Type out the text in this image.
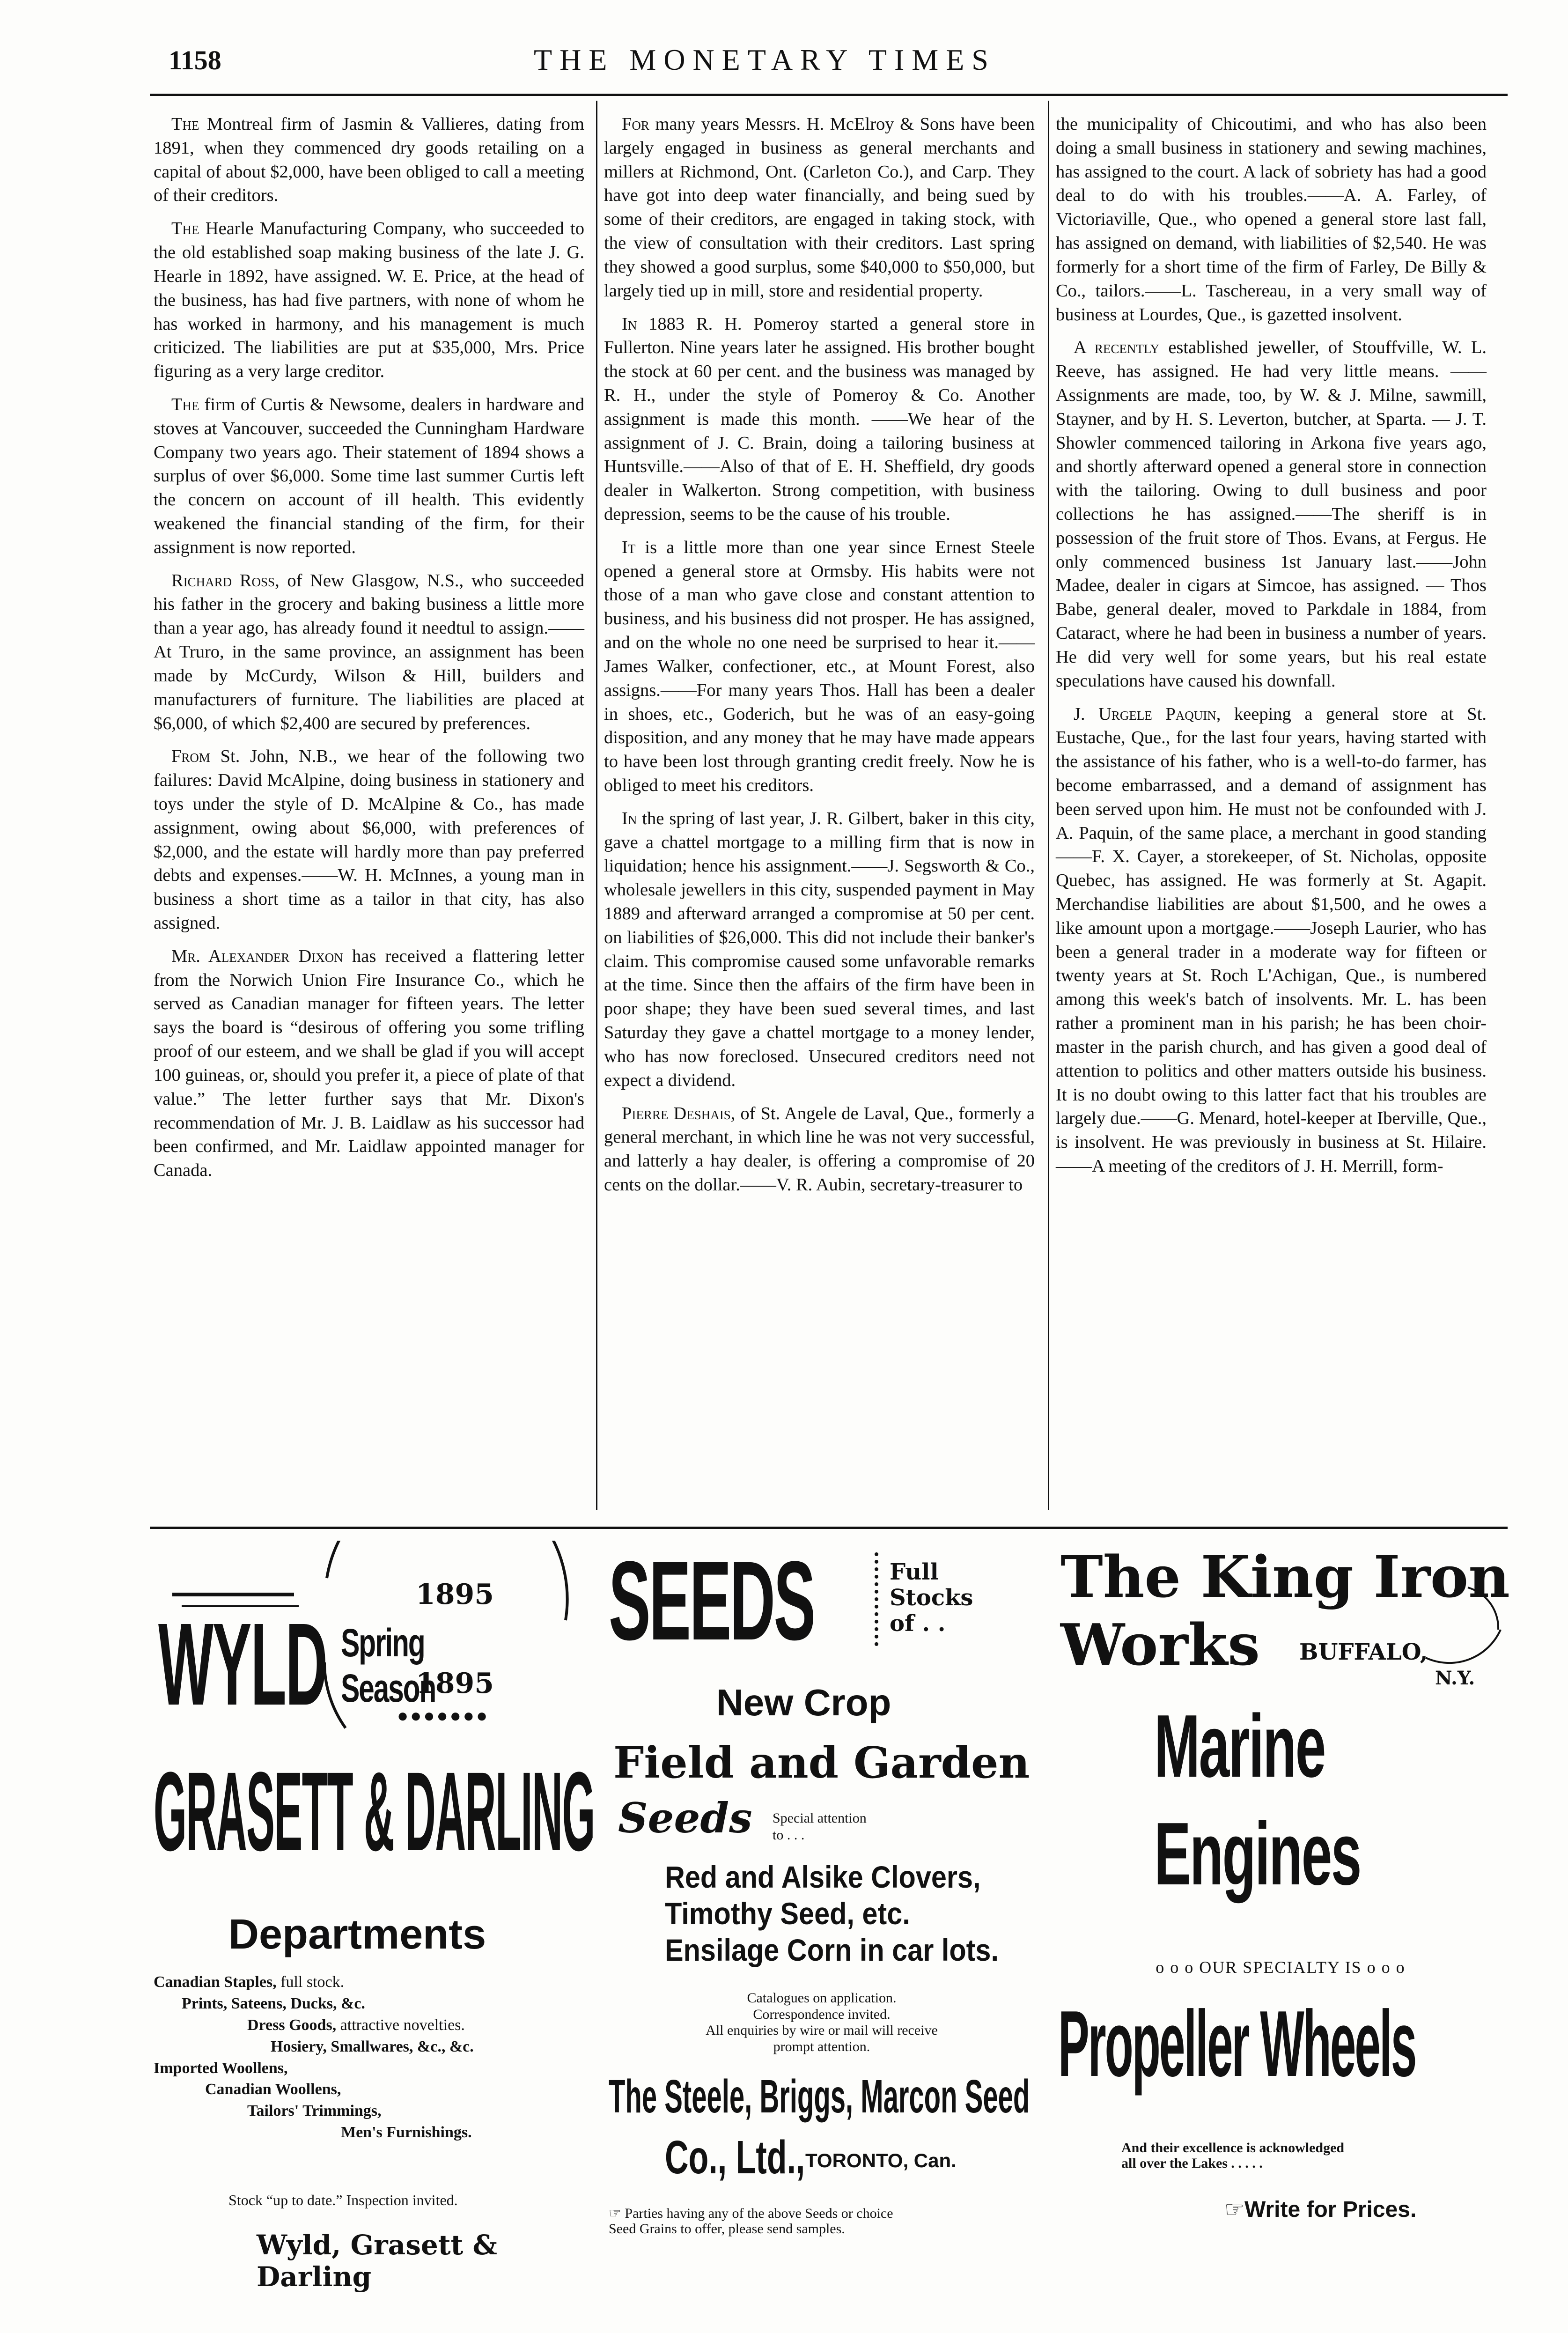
1158	THE MONETARY TIMES

The Montreal firm of Jasmin & Vallieres, dating from 1891, when they commenced dry goods retailing on a capital of about $2,000, have been obliged to call a meeting of their creditors.

The Hearle Manufacturing Company, who succeeded to the old established soap making business of the late J. G. Hearle in 1892, have assigned. W. E. Price, at the head of the business, has had five partners, with none of whom he has worked in harmony, and his management is much criticized. The liabilities are put at $35,000, Mrs. Price figuring as a very large creditor.

The firm of Curtis & Newsome, dealers in hardware and stoves at Vancouver, succeeded the Cunningham Hardware Company two years ago. Their statement of 1894 shows a surplus of over $6,000. Some time last summer Curtis left the concern on account of ill health. This evidently weakened the financial standing of the firm, for their assignment is now reported.

Richard Ross, of New Glasgow, N.S., who succeeded his father in the grocery and baking business a little more than a year ago, has already found it needtul to assign.——At Truro, in the same province, an assignment has been made by McCurdy, Wilson & Hill, builders and manufacturers of furniture. The liabilities are placed at $6,000, of which $2,400 are secured by preferences.

From St. John, N.B., we hear of the following two failures: David McAlpine, doing business in stationery and toys under the style of D. McAlpine & Co., has made assignment, owing about $6,000, with preferences of $2,000, and the estate will hardly more than pay preferred debts and expenses.——W. H. McInnes, a young man in business a short time as a tailor in that city, has also assigned.

Mr. Alexander Dixon has received a flattering letter from the Norwich Union Fire Insurance Co., which he served as Canadian manager for fifteen years. The letter says the board is “desirous of offering you some trifling proof of our esteem, and we shall be glad if you will accept 100 guineas, or, should you prefer it, a piece of plate of that value.” The letter further says that Mr. Dixon's recommendation of Mr. J. B. Laidlaw as his successor had been confirmed, and Mr. Laidlaw appointed manager for Canada.

For many years Messrs. H. McElroy & Sons have been largely engaged in business as general merchants and millers at Richmond, Ont. (Carleton Co.), and Carp. They have got into deep water financially, and being sued by some of their creditors, are engaged in taking stock, with the view of consultation with their creditors. Last spring they showed a good surplus, some $40,000 to $50,000, but largely tied up in mill, store and residential property.

In 1883 R. H. Pomeroy started a general store in Fullerton. Nine years later he assigned. His brother bought the stock at 60 per cent. and the business was managed by R. H., under the style of Pomeroy & Co. Another assignment is made this month. ——We hear of the assignment of J. C. Brain, doing a tailoring business at Huntsville.——Also of that of E. H. Sheffield, dry goods dealer in Walkerton. Strong competition, with business depression, seems to be the cause of his trouble.

It is a little more than one year since Ernest Steele opened a general store at Ormsby. His habits were not those of a man who gave close and constant attention to business, and his business did not prosper. He has assigned, and on the whole no one need be surprised to hear it.——James Walker, confectioner, etc., at Mount Forest, also assigns.——For many years Thos. Hall has been a dealer in shoes, etc., Goderich, but he was of an easy-going disposition, and any money that he may have made appears to have been lost through granting credit freely. Now he is obliged to meet his creditors.

In the spring of last year, J. R. Gilbert, baker in this city, gave a chattel mortgage to a milling firm that is now in liquidation; hence his assignment.——J. Segsworth & Co., wholesale jewellers in this city, suspended payment in May 1889 and afterward arranged a compromise at 50 per cent. on liabilities of $26,000. This did not include their banker's claim. This compromise caused some unfavorable remarks at the time. Since then the affairs of the firm have been in poor shape; they have been sued several times, and last Saturday they gave a chattel mortgage to a money lender, who has now foreclosed. Unsecured creditors need not expect a dividend.

Pierre Deshais, of St. Angele de Laval, Que., formerly a general merchant, in which line he was not very successful, and latterly a hay dealer, is offering a compromise of 20 cents on the dollar.——V. R. Aubin, secretary-treasurer to

the municipality of Chicoutimi, and who has also been doing a small business in stationery and sewing machines, has assigned to the court. A lack of sobriety has had a good deal to do with his troubles.——A. A. Farley, of Victoriaville, Que., who opened a general store last fall, has assigned on demand, with liabilities of $2,540. He was formerly for a short time of the firm of Farley, De Billy & Co., tailors.——L. Taschereau, in a very small way of business at Lourdes, Que., is gazetted insolvent.

A recently established jeweller, of Stouffville, W. L. Reeve, has assigned. He had very little means. ——Assignments are made, too, by W. & J. Milne, sawmill, Stayner, and by H. S. Leverton, butcher, at Sparta. — J. T. Showler commenced tailoring in Arkona five years ago, and shortly afterward opened a general store in connection with the tailoring. Owing to dull business and poor collections he has assigned.——The sheriff is in possession of the fruit store of Thos. Evans, at Fergus. He only commenced business 1st January last.——John Madee, dealer in cigars at Simcoe, has assigned. — Thos Babe, general dealer, moved to Parkdale in 1884, from Cataract, where he had been in business a number of years. He did very well for some years, but his real estate speculations have caused his downfall.

J. Urgele Paquin, keeping a general store at St. Eustache, Que., for the last four years, having started with the assistance of his father, who is a well-to-do farmer, has become embarrassed, and a demand of assignment has been served upon him. He must not be confounded with J. A. Paquin, of the same place, a merchant in good standing——F. X. Cayer, a storekeeper, of St. Nicholas, opposite Quebec, has assigned. He was formerly at St. Agapit. Merchandise liabilities are about $1,500, and he owes a like amount upon a mortgage.——Joseph Laurier, who has been a general trader in a moderate way for fifteen or twenty years at St. Roch L'Achigan, Que., is numbered among this week's batch of insolvents. Mr. L. has been rather a prominent man in his parish; he has been choir-master in the parish church, and has given a good deal of attention to politics and other matters outside his business. It is no doubt owing to this latter fact that his troubles are largely due.——G. Menard, hotel-keeper at Iberville, Que., is insolvent. He was previously in business at St. Hilaire.——A meeting of the creditors of J. H. Merrill, form-

1895
Spring Season
1895
●●●●●●●
WYLD
GRASETT & DARLING
Departments
Canadian Staples, full stock.
Prints, Sateens, Ducks, &c.
Dress Goods, attractive novelties.
Hosiery, Smallwares, &c., &c.
Imported Woollens,
Canadian Woollens,
Tailors' Trimmings,
Men's Furnishings.
Stock “up to date.” Inspection invited.
Wyld, Grasett & Darling
SEEDS	Full
Stocks
of . .
New Crop
Field and Garden
Seeds Special attention
to . . .
Red and Alsike Clovers,
Timothy Seed, etc.
Ensilage Corn in car lots.
Catalogues on application.
Correspondence invited.
All enquiries by wire or mail will receive
prompt attention.
The Steele, Briggs, Marcon Seed
Co., Ltd., TORONTO, Can.
☞ Parties having any of the above Seeds or choice
Seed Grains to offer, please send samples.
The King Iron
Works BUFFALO,
N.Y.
Marine
Engines
o o o OUR SPECIALTY IS o o o
Propeller Wheels
And their excellence is acknowledged
all over the Lakes . . . . .
☞Write for Prices.
